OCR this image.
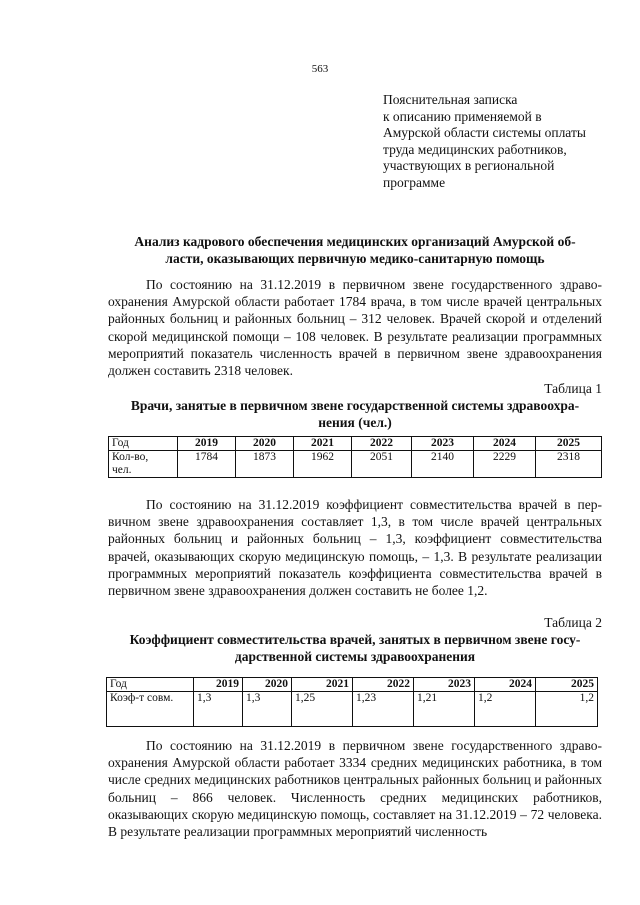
563
Пояснительная записка
к описанию применяемой в
Амурской области системы оплаты
труда медицинских работников,
участвующих в региональной
программе
Анализ кадрового обеспечения медицинских организаций Амурской об-
ласти, оказывающих первичную медико-санитарную помощь

По состоянию на 31.12.2019 в первичном звене государственного здравоохранения Амурской области работает 1784 врача, в том числе врачей центральных районных больниц и районных больниц – 312 человек. Врачей скорой и отделений скорой медицинской помощи – 108 человек. В результате реализации программных мероприятий показатель численность врачей в первичном звене здравоохранения должен составить 2318 человек.

Таблица 1
Врачи, занятые в первичном звене государственной системы здравоохра-
нения (чел.)
Год	2019	2020	2021	2022	2023	2024	2025

Кол-во,
чел.	1784	1873	1962	2051	2140	2229	2318

По состоянию на 31.12.2019 коэффициент совместительства врачей в первичном звене здравоохранения составляет 1,3, в том числе врачей центральных районных больниц и районных больниц – 1,3, коэффициент совместительства врачей, оказывающих скорую медицинскую помощь, – 1,3. В результате реализации программных мероприятий показатель коэффициента совместительства врачей в первичном звене здравоохранения должен составить не более 1,2.

Таблица 2
Коэффициент совместительства врачей, занятых в первичном звене госу-
дарственной системы здравоохранения
Год	2019	2020	2021	2022	2023	2024	2025
Коэф-т совм.	1,3	1,3	1,25	1,23	1,21	1,2	1,2

По состоянию на 31.12.2019 в первичном звене государственного здравоохранения Амурской области работает 3334 средних медицинских работника, в том числе средних медицинских работников центральных районных больниц и районных больниц – 866 человек. Численность средних медицинских работников, оказывающих скорую медицинскую помощь, составляет на 31.12.2019 – 72 человека. В результате реализации программных мероприятий численность
